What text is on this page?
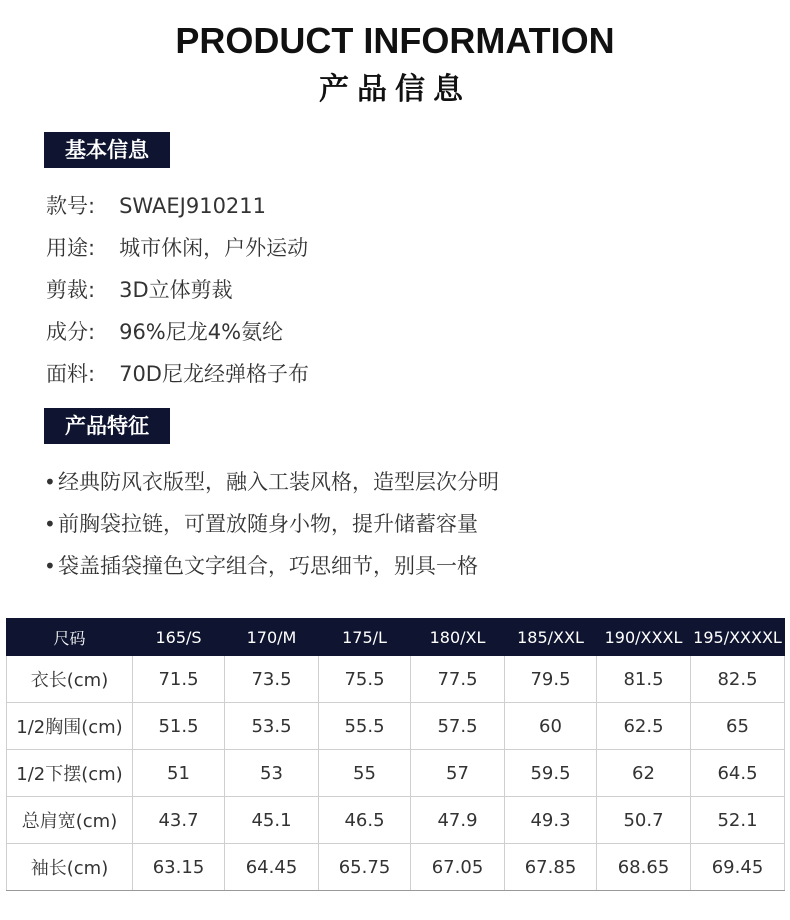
PRODUCT INFORMATION
产品信息
基本信息
款号: SWAEJ910211
用途: 城市休闲，户外运动
剪裁: 3D立体剪裁
成分: 96%尼龙4%氨纶
面料: 70D尼龙经弹格子布
产品特征
• 经典防风衣版型，融入工装风格，造型层次分明
• 前胸袋拉链，可置放随身小物，提升储蓄容量
• 袋盖插袋撞色文字组合，巧思细节，别具一格
尺码	165/S	170/M	175/L	180/XL	185/XXL	190/XXXL	195/XXXXL
衣长(cm)	71.5	73.5	75.5	77.5	79.5	81.5	82.5
1/2胸围(cm)	51.5	53.5	55.5	57.5	60	62.5	65
1/2下摆(cm)	51	53	55	57	59.5	62	64.5
总肩宽(cm)	43.7	45.1	46.5	47.9	49.3	50.7	52.1
袖长(cm)	63.15	64.45	65.75	67.05	67.85	68.65	69.45
